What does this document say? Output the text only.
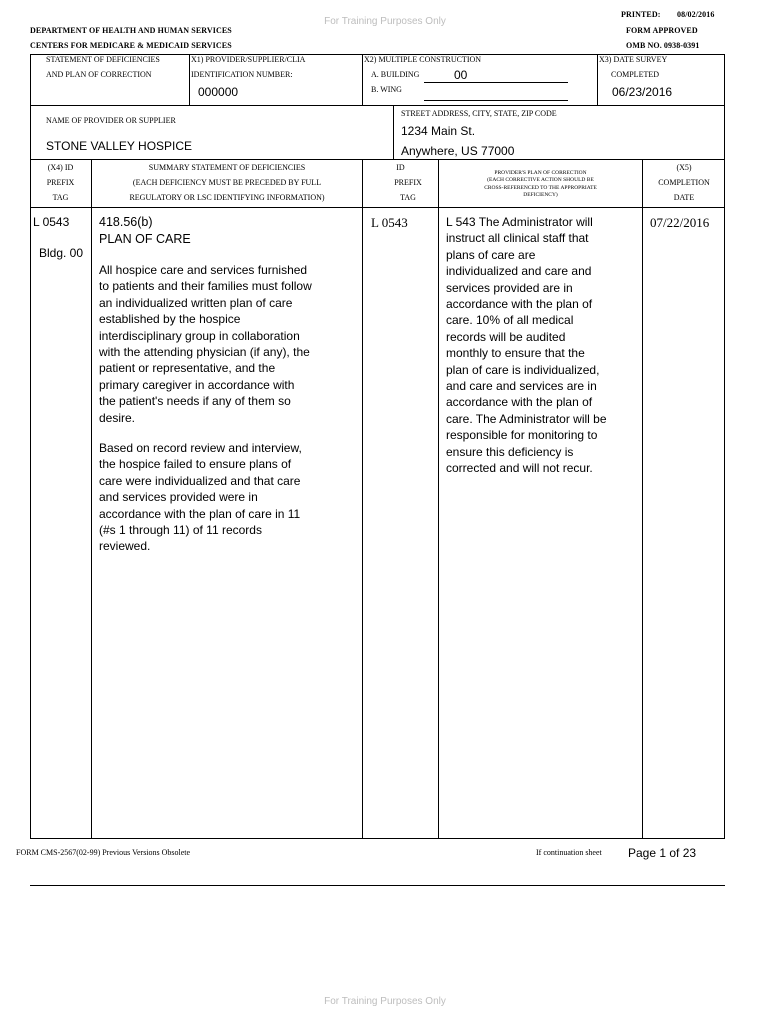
For Training Purposes Only
For Training Purposes Only
PRINTED: 08/02/2016
FORM APPROVED
OMB NO. 0938-0391
DEPARTMENT OF HEALTH AND HUMAN SERVICES
CENTERS FOR MEDICARE & MEDICAID SERVICES
STATEMENT OF DEFICIENCIES
AND PLAN OF CORRECTION
X1) PROVIDER/SUPPLIER/CLIA
IDENTIFICATION NUMBER:
000000
X2) MULTIPLE CONSTRUCTION
A. BUILDING	00
B. WING
X3) DATE SURVEY
COMPLETED
06/23/2016
NAME OF PROVIDER OR SUPPLIER
STONE VALLEY HOSPICE
STREET ADDRESS, CITY, STATE, ZIP CODE
1234 Main St.
Anywhere, US 77000
(X4) ID
PREFIX
TAG
SUMMARY STATEMENT OF DEFICIENCIES
(EACH DEFICIENCY MUST BE PRECEDED BY FULL
REGULATORY OR LSC IDENTIFYING INFORMATION)
ID
PREFIX
TAG
PROVIDER'S PLAN OF CORRECTION
(EACH CORRECTIVE ACTION SHOULD BE
CROSS-REFERENCED TO THE APPROPRIATE
DEFICIENCY)
(X5)
COMPLETION
DATE
L 0543
Bldg. 00
418.56(b)
PLAN OF CARE
All hospice care and services furnished
to patients and their families must follow
an individualized written plan of care
established by the hospice
interdisciplinary group in collaboration
with the attending physician (if any), the
patient or representative, and the
primary caregiver in accordance with
the patient's needs if any of them so
desire.
Based on record review and interview,
the hospice failed to ensure plans of
care were individualized and that care
and services provided were in
accordance with the plan of care in 11
(#s 1 through 11) of 11 records
reviewed.
L 0543	L 543 The Administrator will
instruct all clinical staff that
plans of care are
individualized and care and
services provided are in
accordance with the plan of
care. 10% of all medical
records will be audited
monthly to ensure that the
plan of care is individualized,
and care and services are in
accordance with the plan of
care. The Administrator will be
responsible for monitoring to
ensure this deficiency is
corrected and will not recur.
07/22/2016
FORM CMS-2567(02-99) Previous Versions Obsolete	If continuation sheet Page 1 of 23
